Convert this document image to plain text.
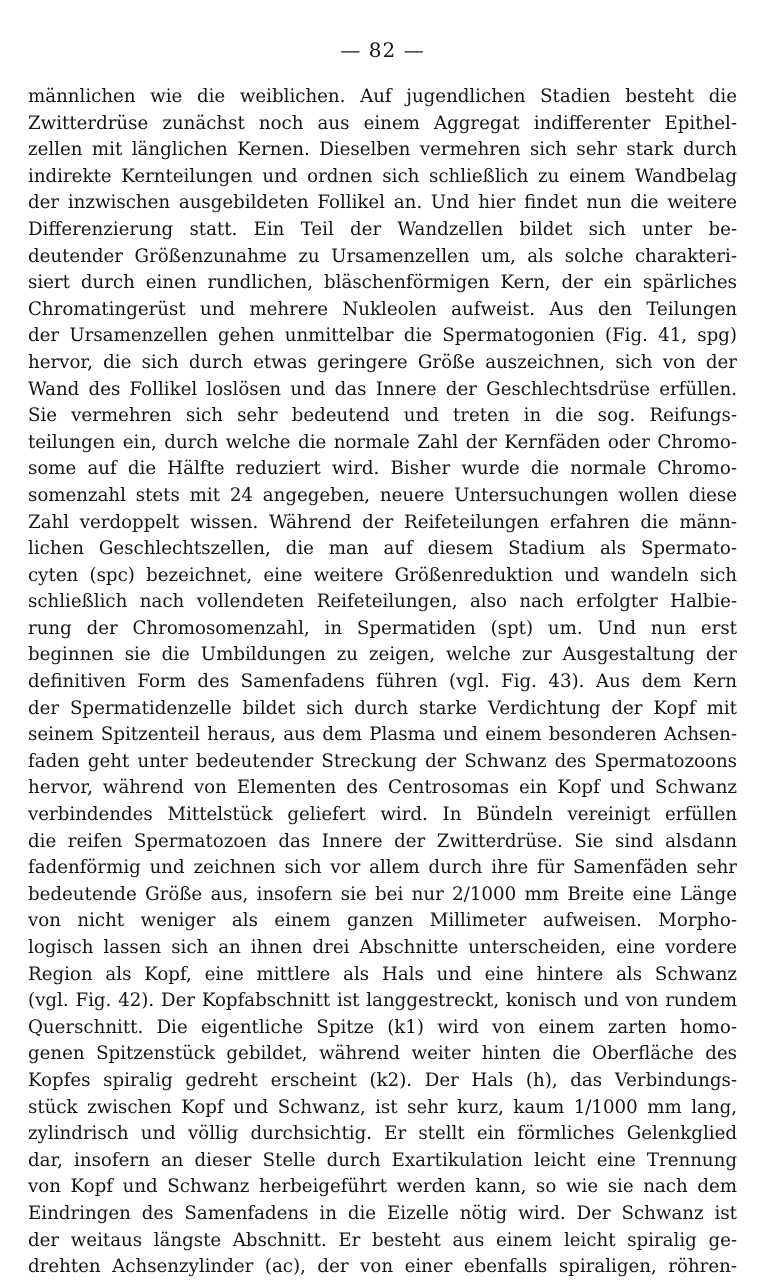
— 82 —
männlichen wie die weiblichen. Auf jugendlichen Stadien besteht die
Zwitterdrüse zunächst noch aus einem Aggregat indifferenter Epithel-
zellen mit länglichen Kernen. Dieselben vermehren sich sehr stark durch
indirekte Kernteilungen und ordnen sich schließlich zu einem Wandbelag
der inzwischen ausgebildeten Follikel an. Und hier findet nun die weitere
Differenzierung statt. Ein Teil der Wandzellen bildet sich unter be-
deutender Größenzunahme zu Ursamenzellen um, als solche charakteri-
siert durch einen rundlichen, bläschenförmigen Kern, der ein spärliches
Chromatingerüst und mehrere Nukleolen aufweist. Aus den Teilungen
der Ursamenzellen gehen unmittelbar die Spermatogonien (Fig. 41, spg)
hervor, die sich durch etwas geringere Größe auszeichnen, sich von der
Wand des Follikel loslösen und das Innere der Geschlechtsdrüse erfüllen.
Sie vermehren sich sehr bedeutend und treten in die sog. Reifungs-
teilungen ein, durch welche die normale Zahl der Kernfäden oder Chromo-
some auf die Hälfte reduziert wird. Bisher wurde die normale Chromo-
somenzahl stets mit 24 angegeben, neuere Untersuchungen wollen diese
Zahl verdoppelt wissen. Während der Reifeteilungen erfahren die männ-
lichen Geschlechtszellen, die man auf diesem Stadium als Spermato-
cyten (spc) bezeichnet, eine weitere Größenreduktion und wandeln sich
schließlich nach vollendeten Reifeteilungen, also nach erfolgter Halbie-
rung der Chromosomenzahl, in Spermatiden (spt) um. Und nun erst
beginnen sie die Umbildungen zu zeigen, welche zur Ausgestaltung der
definitiven Form des Samenfadens führen (vgl. Fig. 43). Aus dem Kern
der Spermatidenzelle bildet sich durch starke Verdichtung der Kopf mit
seinem Spitzenteil heraus, aus dem Plasma und einem besonderen Achsen-
faden geht unter bedeutender Streckung der Schwanz des Spermatozoons
hervor, während von Elementen des Centrosomas ein Kopf und Schwanz
verbindendes Mittelstück geliefert wird. In Bündeln vereinigt erfüllen
die reifen Spermatozoen das Innere der Zwitterdrüse. Sie sind alsdann
fadenförmig und zeichnen sich vor allem durch ihre für Samenfäden sehr
bedeutende Größe aus, insofern sie bei nur 2/1000 mm Breite eine Länge
von nicht weniger als einem ganzen Millimeter aufweisen. Morpho-
logisch lassen sich an ihnen drei Abschnitte unterscheiden, eine vordere
Region als Kopf, eine mittlere als Hals und eine hintere als Schwanz
(vgl. Fig. 42). Der Kopfabschnitt ist langgestreckt, konisch und von rundem
Querschnitt. Die eigentliche Spitze (k1) wird von einem zarten homo-
genen Spitzenstück gebildet, während weiter hinten die Oberfläche des
Kopfes spiralig gedreht erscheint (k2). Der Hals (h), das Verbindungs-
stück zwischen Kopf und Schwanz, ist sehr kurz, kaum 1/1000 mm lang,
zylindrisch und völlig durchsichtig. Er stellt ein förmliches Gelenkglied
dar, insofern an dieser Stelle durch Exartikulation leicht eine Trennung
von Kopf und Schwanz herbeigeführt werden kann, so wie sie nach dem
Eindringen des Samenfadens in die Eizelle nötig wird. Der Schwanz ist
der weitaus längste Abschnitt. Er besteht aus einem leicht spiralig ge-
drehten Achsenzylinder (ac), der von einer ebenfalls spiraligen, röhren-
